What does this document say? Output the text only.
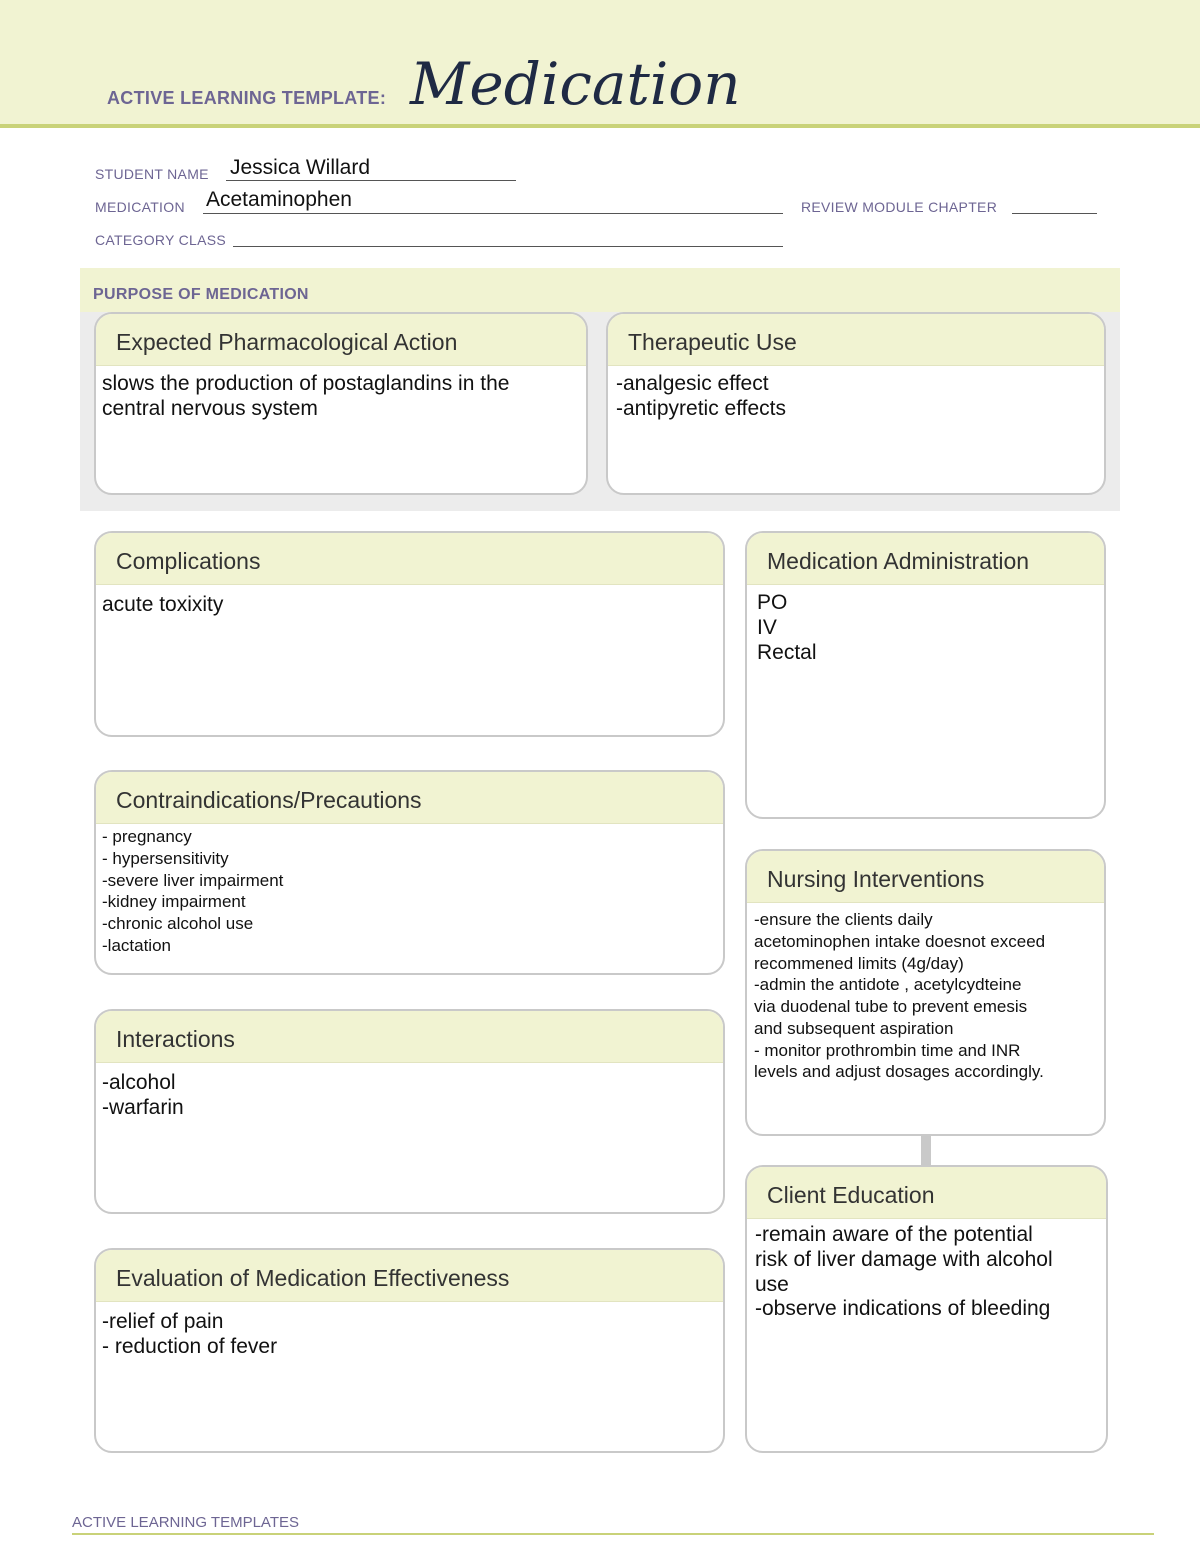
ACTIVE LEARNING TEMPLATE: Medication
STUDENT NAME Jessica Willard
MEDICATION Acetaminophen	REVIEW MODULE CHAPTER
CATEGORY CLASS
PURPOSE OF MEDICATION
Expected Pharmacological Action
slows the production of postaglandins in the
central nervous system
Therapeutic Use
-analgesic effect
-antipyretic effects
Complications
acute toxixity
Contraindications/Precautions
- pregnancy
- hypersensitivity
-severe liver impairment
-kidney impairment
-chronic alcohol use
-lactation
Interactions
-alcohol
-warfarin
Evaluation of Medication Effectiveness
-relief of pain
- reduction of fever
Medication Administration
PO
IV
Rectal
Nursing Interventions
-ensure the clients daily
acetominophen intake doesnot exceed
recommened limits (4g/day)
-admin the antidote , acetylcydteine
via duodenal tube to prevent emesis
and subsequent aspiration
- monitor prothrombin time and INR
levels and adjust dosages accordingly.
Client Education
-remain aware of the potential
risk of liver damage with alcohol
use
-observe indications of bleeding
ACTIVE LEARNING TEMPLATES
